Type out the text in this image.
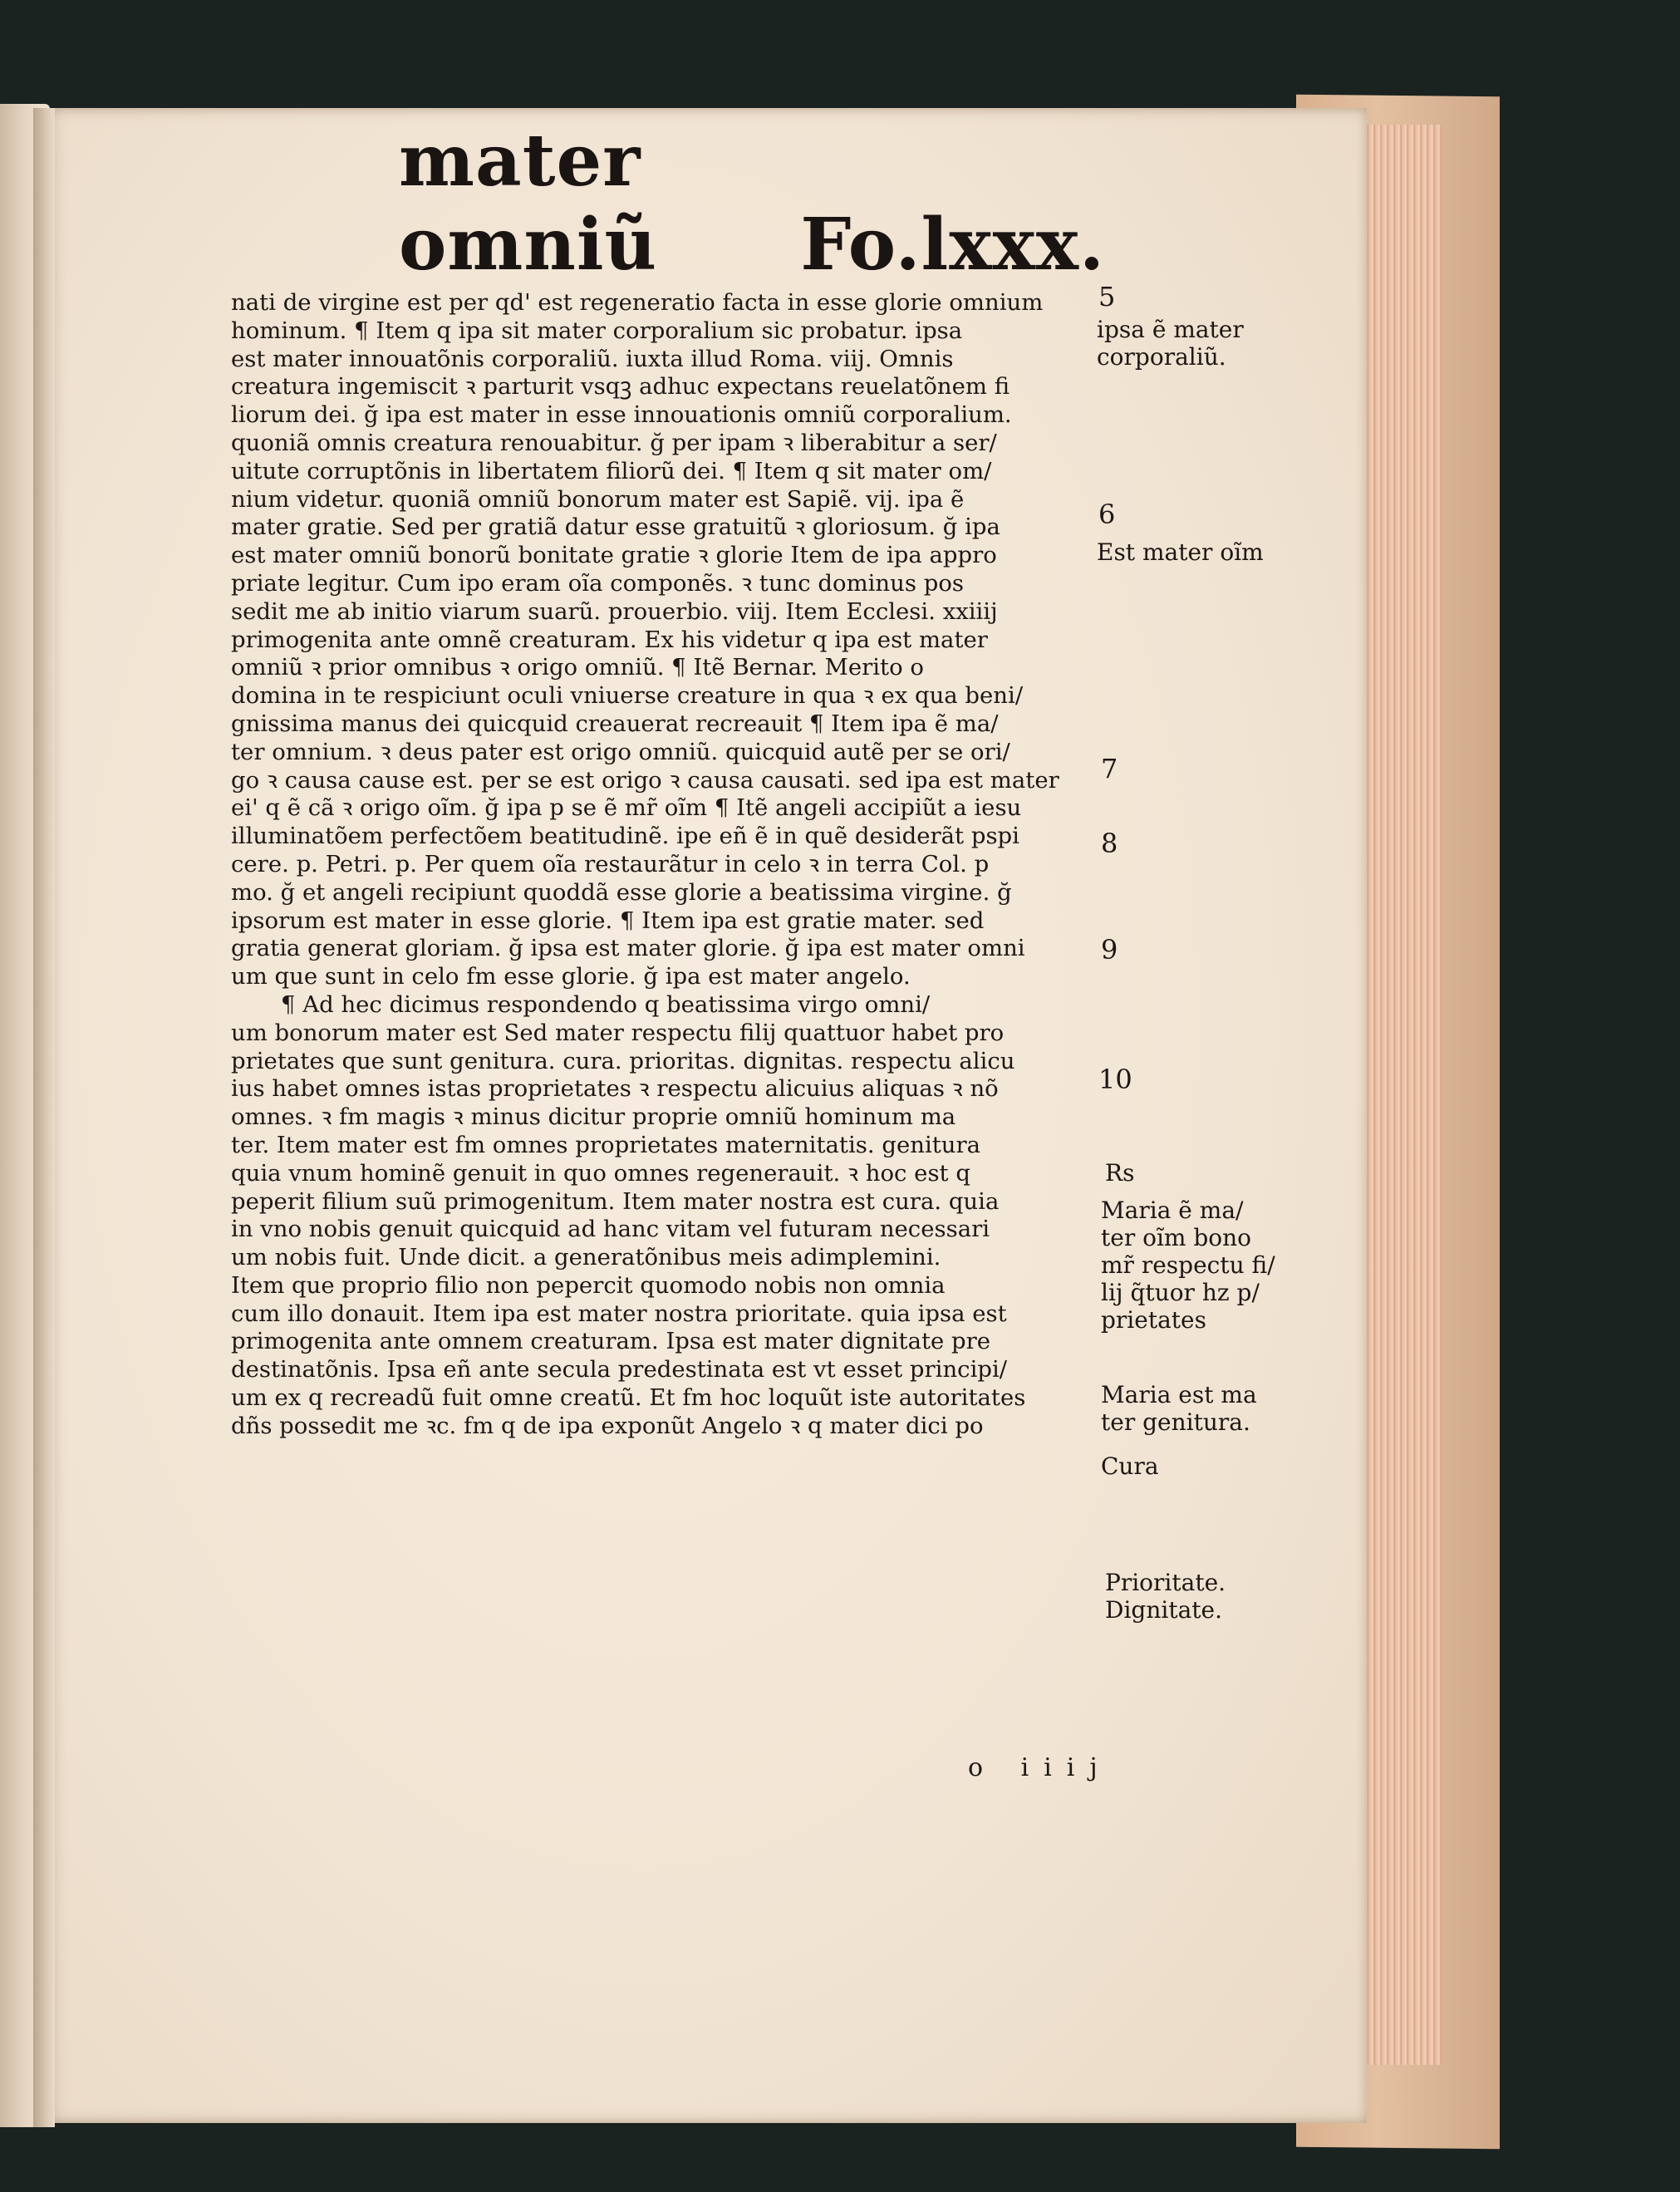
mater omniũ	Fo.lxxx.
nati de virgine est per qd' est regeneratio facta in esse glorie omnium
hominum. ¶ Item q ipa sit mater corporalium sic probatur. ipsa
est mater innouatõnis corporaliũ. iuxta illud Roma. viij. Omnis
creatura ingemiscit ꝛ parturit vsqꝫ adhuc expectans reuelatõnem fi
liorum dei. ğ ipa est mater in esse innouationis omniũ corporalium.
quoniã omnis creatura renouabitur. ğ per ipam ꝛ liberabitur a ser/
uitute corruptõnis in libertatem filiorũ dei. ¶ Item q sit mater om/
nium videtur. quoniã omniũ bonorum mater est Sapiẽ. vij. ipa ẽ
mater gratie. Sed per gratiã datur esse gratuitũ ꝛ gloriosum. ğ ipa
est mater omniũ bonorũ bonitate gratie ꝛ glorie Item de ipa appro
priate legitur. Cum ipo eram oĩa componẽs. ꝛ tunc dominus pos
sedit me ab initio viarum suarũ. prouerbio. viij. Item Ecclesi. xxiiij
primogenita ante omnẽ creaturam. Ex his videtur q ipa est mater
omniũ ꝛ prior omnibus ꝛ origo omniũ. ¶ Itẽ Bernar. Merito o
domina in te respiciunt oculi vniuerse creature in qua ꝛ ex qua beni/
gnissima manus dei quicquid creauerat recreauit ¶ Item ipa ẽ ma/
ter omnium. ꝛ deus pater est origo omniũ. quicquid autẽ per se ori/
go ꝛ causa cause est. per se est origo ꝛ causa causati. sed ipa est mater
ei' q ẽ cã ꝛ origo oĩm. ğ ipa p se ẽ mr̃ oĩm ¶ Itẽ angeli accipiũt a iesu
illuminatõem perfectõem beatitudinẽ. ipe eñ ẽ in quẽ desiderãt pspi
cere. p. Petri. p. Per quem oĩa restaurãtur in celo ꝛ in terra Col. p
mo. ğ et angeli recipiunt quoddã esse glorie a beatissima virgine. ğ
ipsorum est mater in esse glorie. ¶ Item ipa est gratie mater. sed
gratia generat gloriam. ğ ipsa est mater glorie. ğ ipa est mater omni
um que sunt in celo fm esse glorie. ğ ipa est mater angelo.
¶ Ad hec dicimus respondendo q beatissima virgo omni/
um bonorum mater est Sed mater respectu filij quattuor habet pro
prietates que sunt genitura. cura. prioritas. dignitas. respectu alicu
ius habet omnes istas proprietates ꝛ respectu alicuius aliquas ꝛ nõ
omnes. ꝛ fm magis ꝛ minus dicitur proprie omniũ hominum ma
ter. Item mater est fm omnes proprietates maternitatis. genitura
quia vnum hominẽ genuit in quo omnes regenerauit. ꝛ hoc est q
peperit filium suũ primogenitum. Item mater nostra est cura. quia
in vno nobis genuit quicquid ad hanc vitam vel futuram necessari
um nobis fuit. Unde dicit. a generatõnibus meis adimplemini.
Item que proprio filio non pepercit quomodo nobis non omnia
cum illo donauit. Item ipa est mater nostra prioritate. quia ipsa est
primogenita ante omnem creaturam. Ipsa est mater dignitate pre
destinatõnis. Ipsa eñ ante secula predestinata est vt esset principi/
um ex q recreadũ fuit omne creatũ. Et fm hoc loquũt iste autoritates
dñs possedit me ꝛc. fm q de ipa exponũt Angelo ꝛ q mater dici po
5
ipsa ẽ mater
corporaliũ.
6
Est mater oĩm
7
8
9
10
Rs
Maria ẽ ma/
ter oĩm bono
mr̃ respectu fi/
lij q̃tuor hz p/
prietates
Maria est ma
ter genitura.
Cura
Prioritate.
Dignitate.
o iiij
